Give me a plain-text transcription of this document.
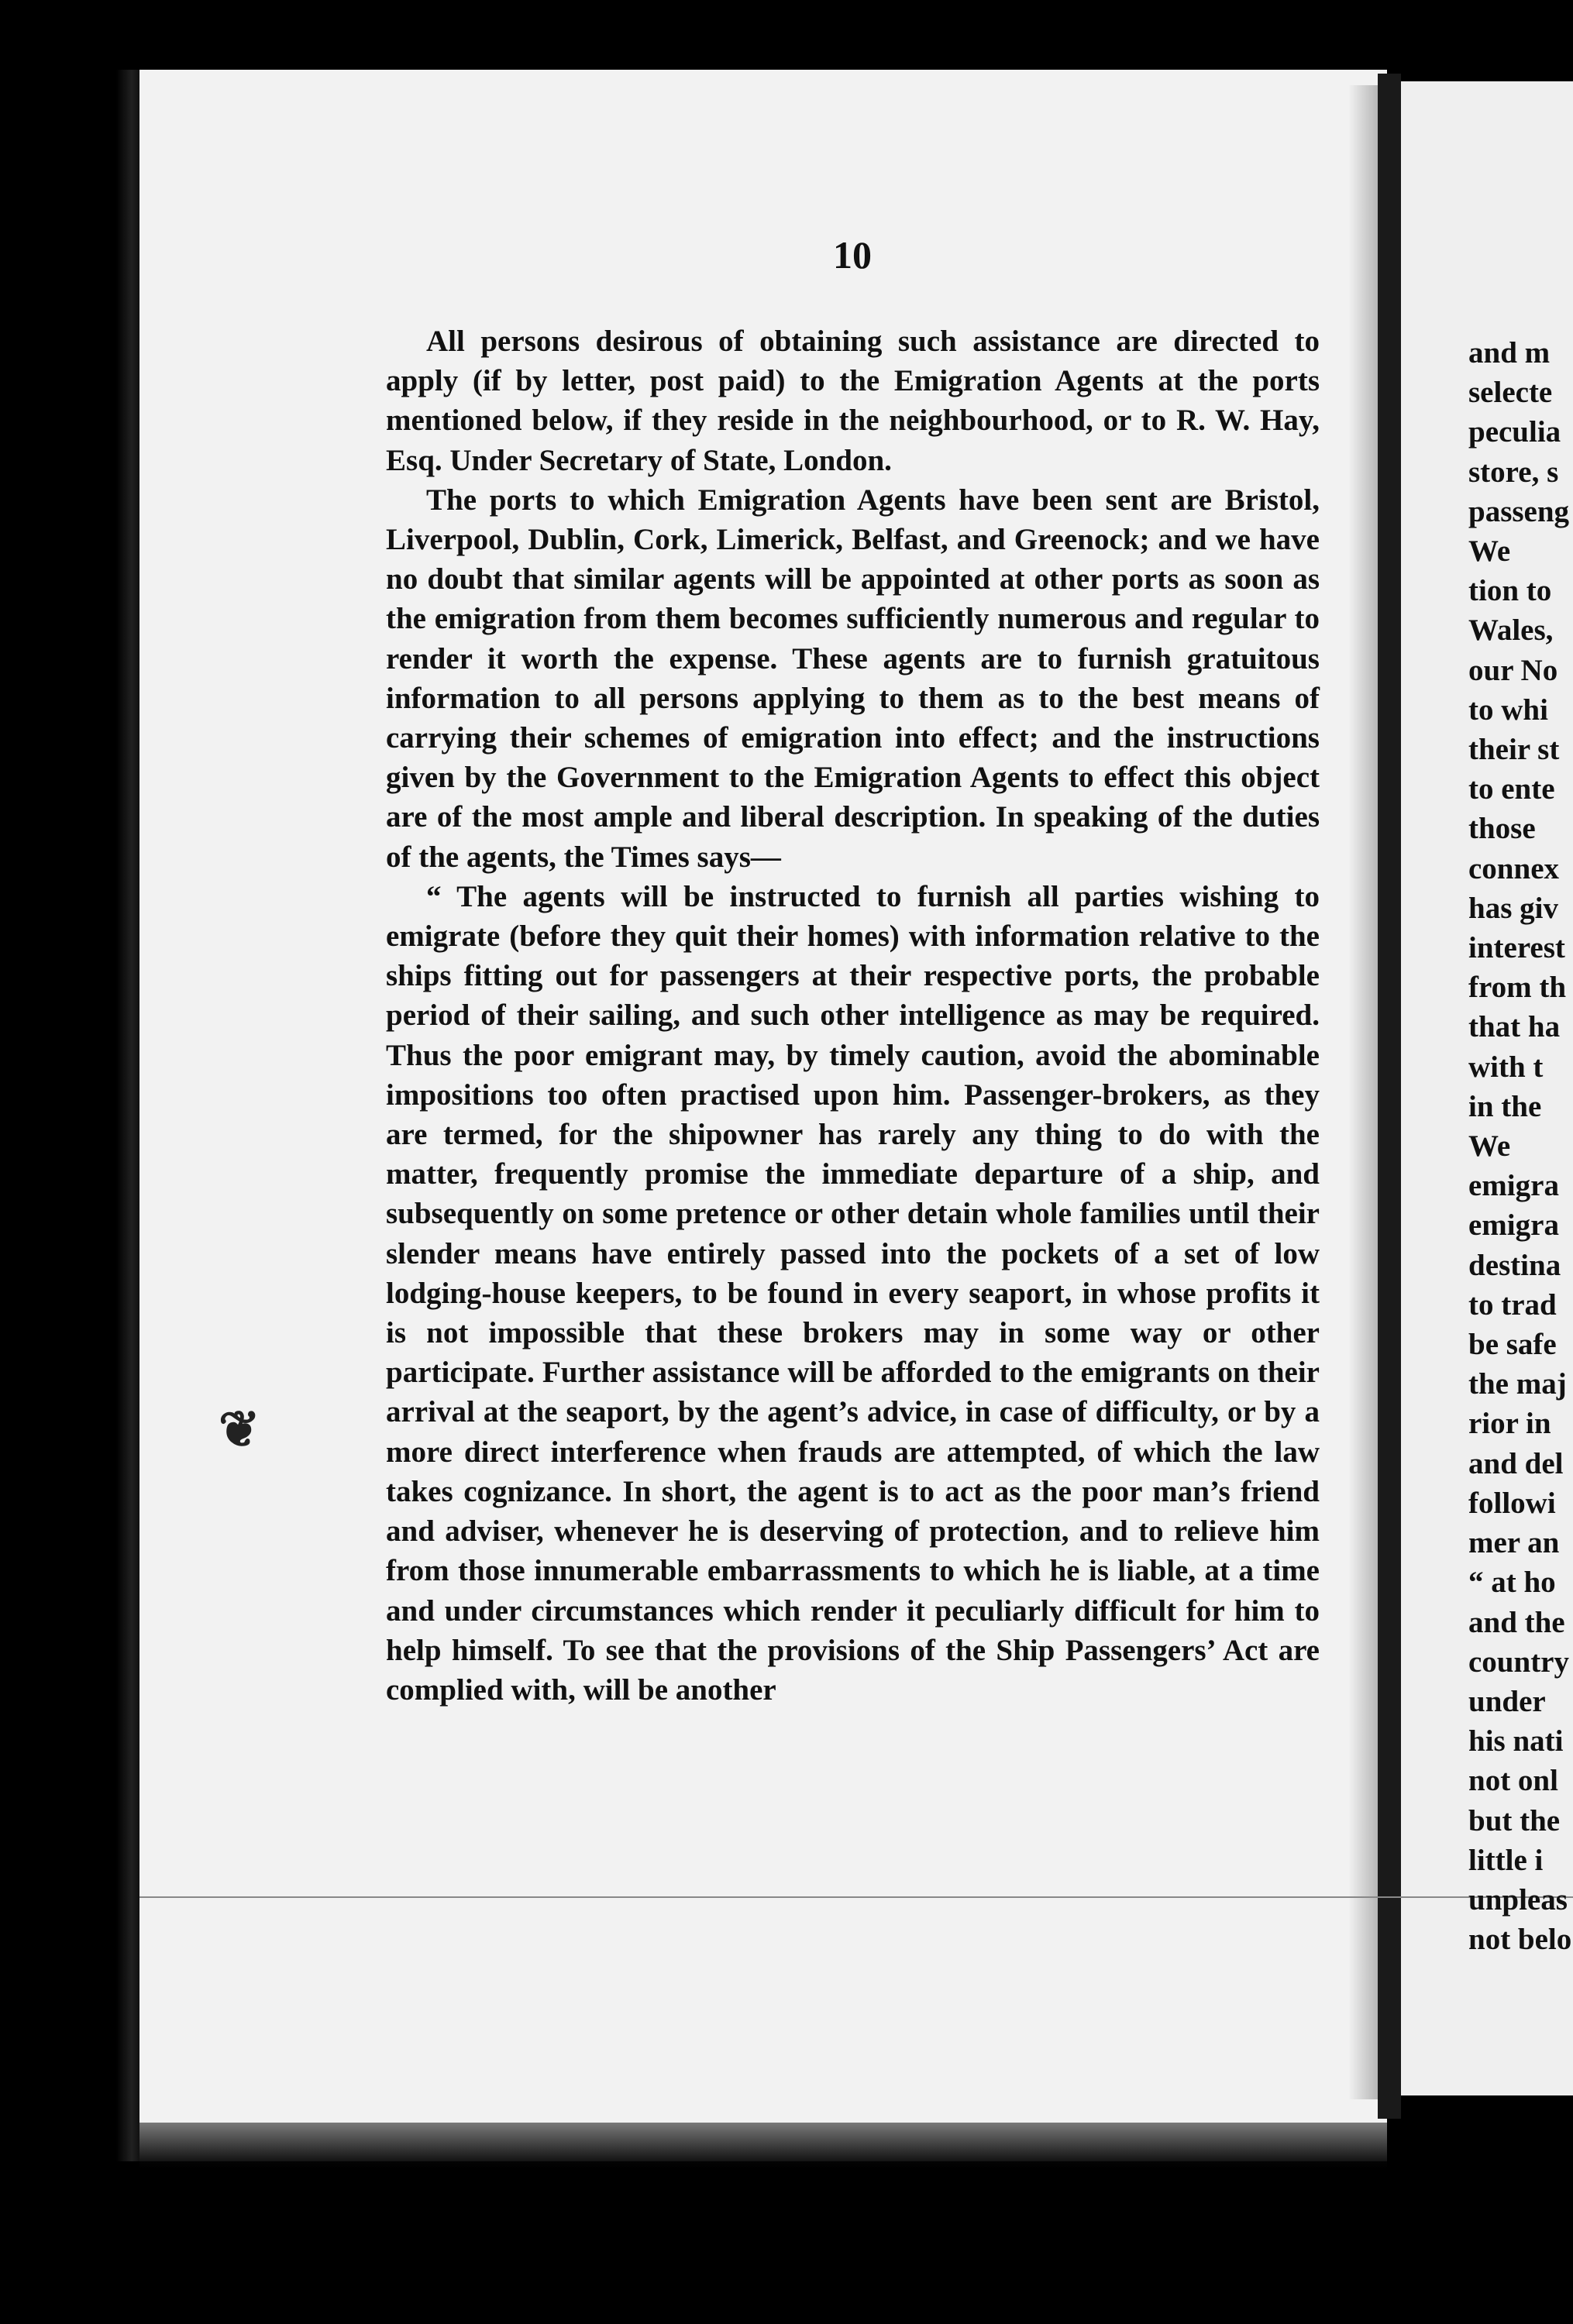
10
❦

All persons desirous of obtaining such assistance are directed to apply (if by letter, post paid) to the Emigration Agents at the ports mentioned below, if they reside in the neighbourhood, or to R. W. Hay, Esq. Under Secretary of State, London.

The ports to which Emigration Agents have been sent are Bristol, Liverpool, Dublin, Cork, Limerick, Belfast, and Greenock; and we have no doubt that similar agents will be appointed at other ports as soon as the emigration from them becomes sufficiently numerous and regular to render it worth the expense. These agents are to furnish gratuitous information to all persons applying to them as to the best means of carrying their schemes of emigration into effect; and the instructions given by the Government to the Emigration Agents to effect this object are of the most ample and liberal description. In speaking of the duties of the agents, the Times says—

“ The agents will be instructed to furnish all parties wishing to emigrate (before they quit their homes) with information relative to the ships fitting out for passengers at their respective ports, the probable period of their sailing, and such other intelligence as may be required. Thus the poor emigrant may, by timely caution, avoid the abominable impositions too often practised upon him. Passenger-brokers, as they are termed, for the shipowner has rarely any thing to do with the matter, frequently promise the immediate departure of a ship, and subsequently on some pretence or other detain whole families until their slender means have entirely passed into the pockets of a set of low lodging-house keepers, to be found in every seaport, in whose profits it is not impossible that these brokers may in some way or other participate. Further assistance will be afforded to the emigrants on their arrival at the seaport, by the agent’s advice, in case of difficulty, or by a more direct interference when frauds are attempted, of which the law takes cognizance. In short, the agent is to act as the poor man’s friend and adviser, whenever he is deserving of protection, and to relieve him from those innumerable embarrassments to which he is liable, at a time and under circumstances which render it peculiarly difficult for him to help himself. To see that the provisions of the Ship Passengers’ Act are complied with, will be another

and m
selecte
peculia
store, s
passeng
We
tion to
Wales,
our No
to whi
their st
to ente
those
connex
has giv
interest
from th
that ha
with t
in the
We
emigra
emigra
destina
to trad
be safe
the maj
rior in
and del
followi
mer an
“ at ho
and the
country
under
his nati
not onl
but the
little i
unpleas
not belo
